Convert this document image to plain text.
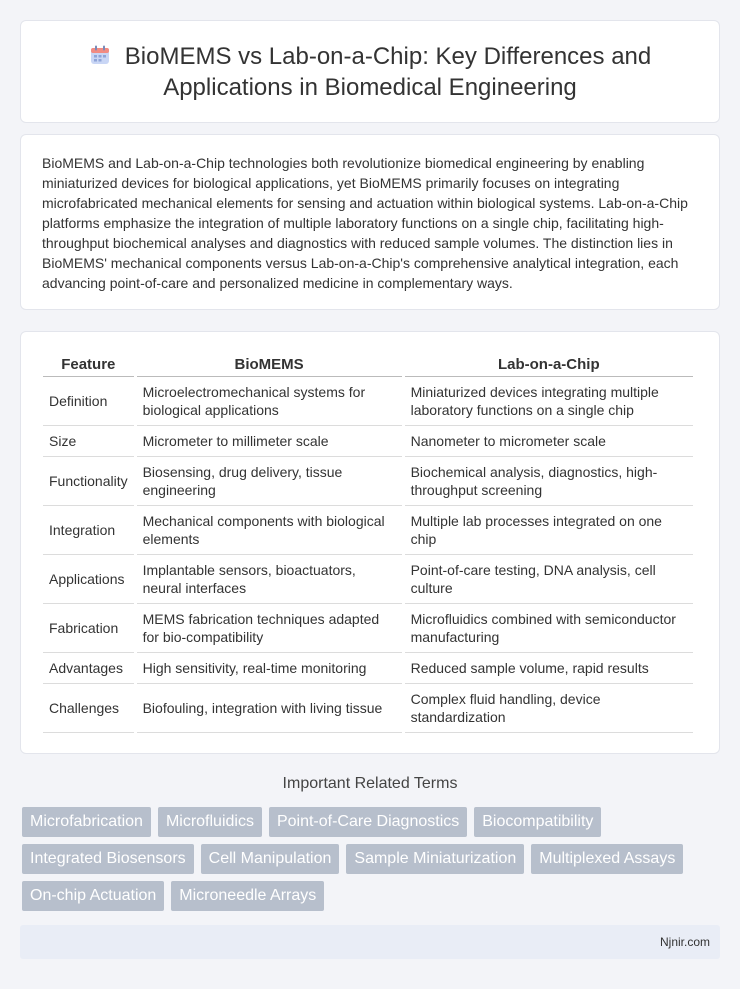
BioMEMS vs Lab-on-a-Chip: Key Differences and Applications in Biomedical Engineering

BioMEMS and Lab-on-a-Chip technologies both revolutionize biomedical engineering by enabling miniaturized devices for biological applications, yet BioMEMS primarily focuses on integrating microfabricated mechanical elements for sensing and actuation within biological systems. Lab-on-a-Chip platforms emphasize the integration of multiple laboratory functions on a single chip, facilitating high-throughput biochemical analyses and diagnostics with reduced sample volumes. The distinction lies in BioMEMS' mechanical components versus Lab-on-a-Chip's comprehensive analytical integration, each advancing point-of-care and personalized medicine in complementary ways.

Feature	BioMEMS	Lab-on-a-Chip
Definition	Microelectromechanical systems for biological applications	Miniaturized devices integrating multiple laboratory functions on a single chip
Size	Micrometer to millimeter scale	Nanometer to micrometer scale
Functionality	Biosensing, drug delivery, tissue engineering	Biochemical analysis, diagnostics, high-throughput screening
Integration	Mechanical components with biological elements	Multiple lab processes integrated on one chip
Applications	Implantable sensors, bioactuators, neural interfaces	Point-of-care testing, DNA analysis, cell culture
Fabrication	MEMS fabrication techniques adapted for bio-compatibility	Microfluidics combined with semiconductor manufacturing
Advantages	High sensitivity, real-time monitoring	Reduced sample volume, rapid results
Challenges	Biofouling, integration with living tissue	Complex fluid handling, device standardization
Important Related Terms
Microfabrication	Microfluidics	Point-of-Care Diagnostics	Biocompatibility
Integrated Biosensors	Cell Manipulation	Sample Miniaturization	Multiplexed Assays
On-chip Actuation	Microneedle Arrays
Njnir.com
